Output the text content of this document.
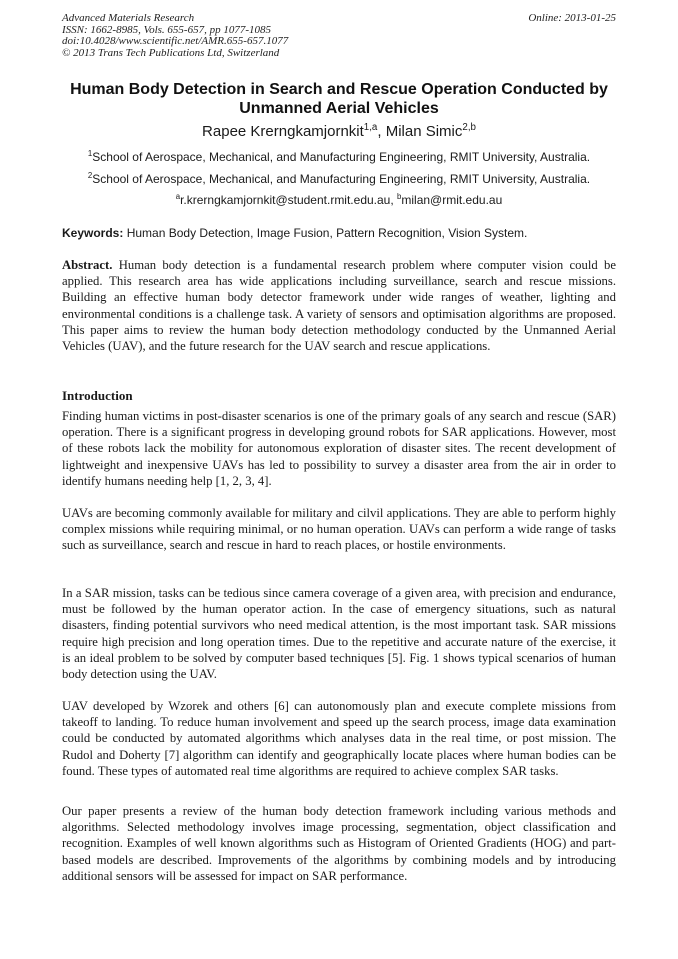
Advanced Materials Research
ISSN: 1662-8985, Vols. 655-657, pp 1077-1085
doi:10.4028/www.scientific.net/AMR.655-657.1077
© 2013 Trans Tech Publications Ltd, Switzerland
Online: 2013-01-25
Human Body Detection in Search and Rescue Operation Conducted by
Unmanned Aerial Vehicles
Rapee Krerngkamjornkit$^{1,a}$, Milan Simic$^{2,b}$
$^1$School of Aerospace, Mechanical, and Manufacturing Engineering, RMIT University, Australia.
$^2$School of Aerospace, Mechanical, and Manufacturing Engineering, RMIT University, Australia.
$^a$r.krerngkamjornkit@student.rmit.edu.au, $^b$milan@rmit.edu.au
Keywords: Human Body Detection, Image Fusion, Pattern Recognition, Vision System.

Abstract. Human body detection is a fundamental research problem where computer vision could be applied. This research area has wide applications including surveillance, search and rescue missions. Building an effective human body detector framework under wide ranges of weather, lighting and environmental conditions is a challenge task. A variety of sensors and optimisation algorithms are proposed. This paper aims to review the human body detection methodology conducted by the Unmanned Aerial Vehicles (UAV), and the future research for the UAV search and rescue applications.

Introduction

Finding human victims in post-disaster scenarios is one of the primary goals of any search and rescue (SAR) operation. There is a significant progress in developing ground robots for SAR applications. However, most of these robots lack the mobility for autonomous exploration of disaster sites. The recent development of lightweight and inexpensive UAVs has led to possibility to survey a disaster area from the air in order to identify humans needing help [1, 2, 3, 4].

UAVs are becoming commonly available for military and cilvil applications. They are able to perform highly complex missions while requiring minimal, or no human operation. UAVs can perform a wide range of tasks such as surveillance, search and rescue in hard to reach places, or hostile environments.

In a SAR mission, tasks can be tedious since camera coverage of a given area, with precision and endurance, must be followed by the human operator action. In the case of emergency situations, such as natural disasters, finding potential survivors who need medical attention, is the most important task. SAR missions require high precision and long operation times. Due to the repetitive and accurate nature of the exercise, it is an ideal problem to be solved by computer based techniques [5]. Fig. 1 shows typical scenarios of human body detection using the UAV.

UAV developed by Wzorek and others [6] can autonomously plan and execute complete missions from takeoff to landing. To reduce human involvement and speed up the search process, image data examination could be conducted by automated algorithms which analyses data in the real time, or post mission. The Rudol and Doherty [7] algorithm can identify and geographically locate places where human bodies can be found. These types of automated real time algorithms are required to achieve complex SAR tasks.

Our paper presents a review of the human body detection framework including various methods and algorithms. Selected methodology involves image processing, segmentation, object classification and recognition. Examples of well known algorithms such as Histogram of Oriented Gradients (HOG) and part-based models are described. Improvements of the algorithms by combining models and by introducing additional sensors will be assessed for impact on SAR performance.
